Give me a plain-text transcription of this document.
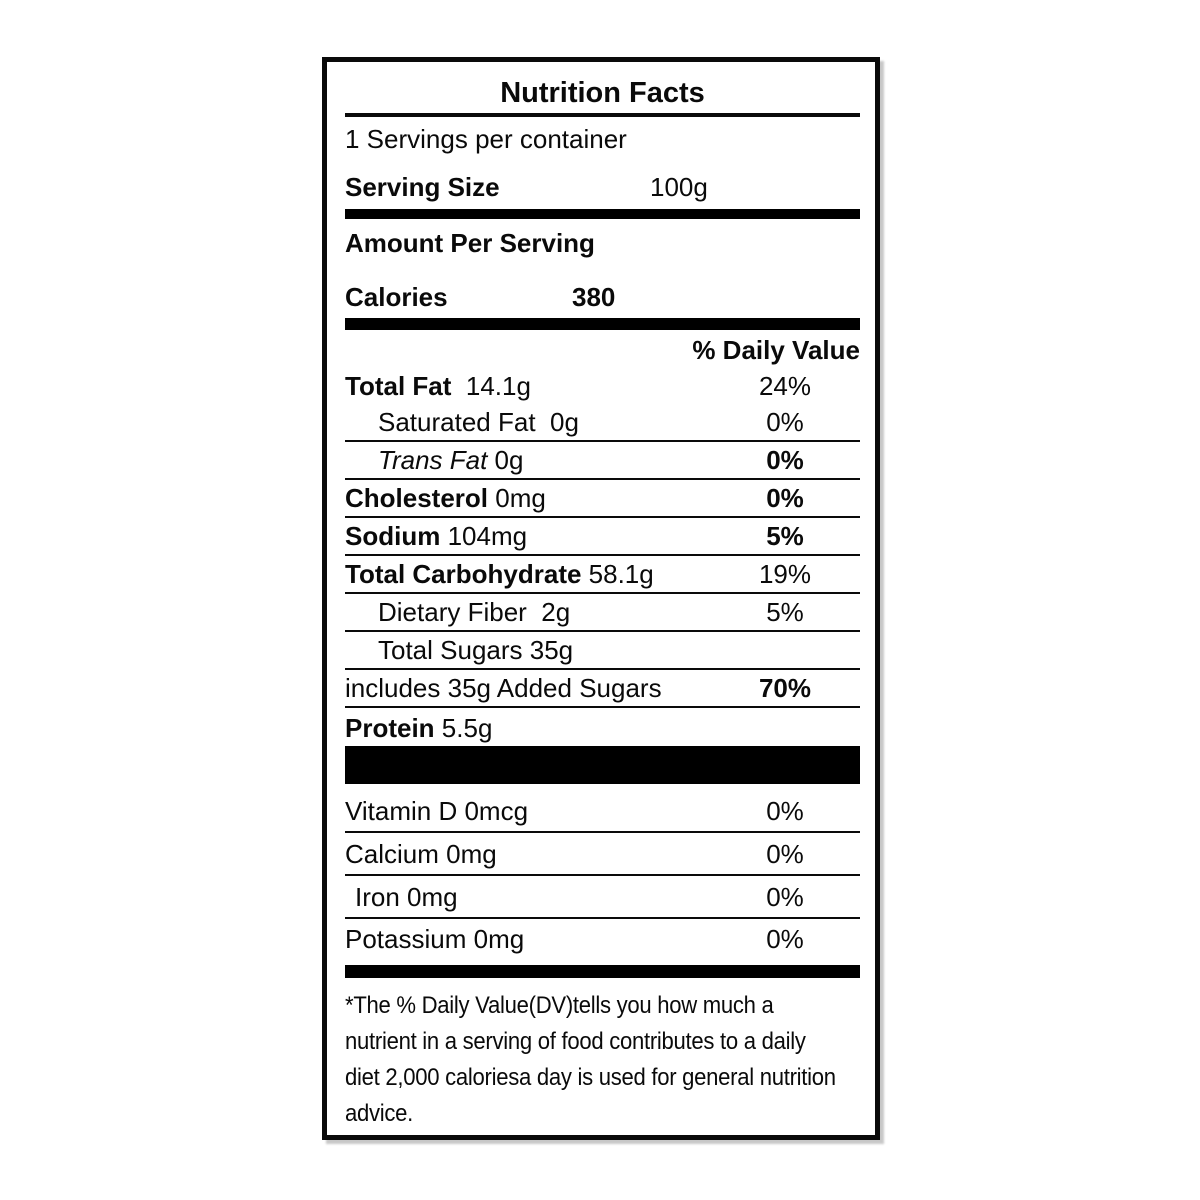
Nutrition Facts
1 Servings per container
Serving Size	100g
Amount Per Serving
Calories	380
% Daily Value
Total Fat  14.1g	24%
Saturated Fat  0g	0%
Trans Fat 0g	0%
Cholesterol 0mg	0%
Sodium 104mg	5%
Total Carbohydrate 58.1g	19%
Dietary Fiber  2g	5%
Total Sugars 35g
includes 35g Added Sugars	70%
Protein 5.5g
Vitamin D 0mcg	0%
Calcium 0mg	0%
Iron 0mg	0%
Potassium 0mg	0%
*The % Daily Value(DV)tells you how much a
nutrient in a serving of food contributes to a daily
diet 2,000 caloriesa day is used for general nutrition
advice.
